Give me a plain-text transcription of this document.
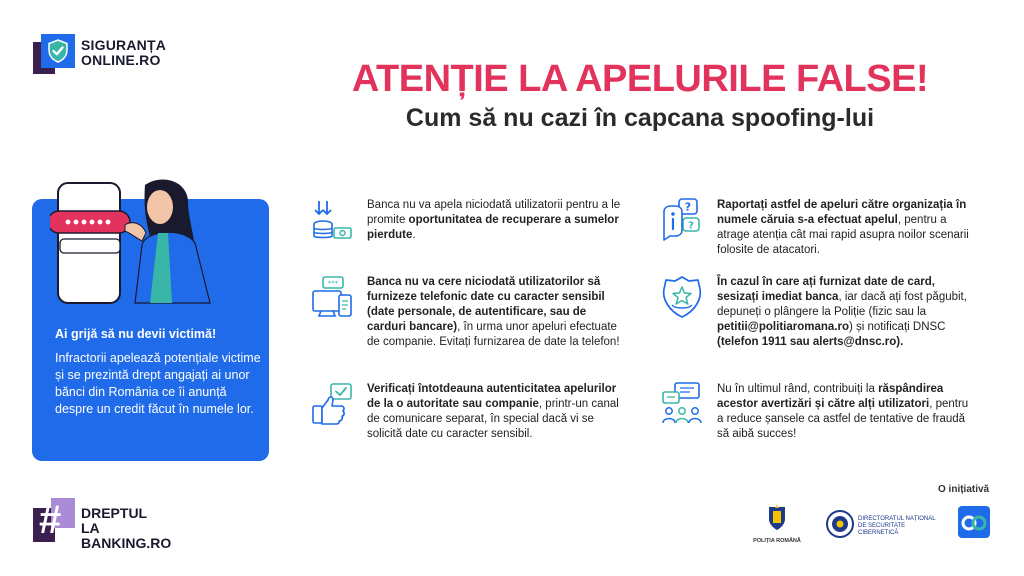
SIGURANȚA
ONLINE.RO	ATENȚIE LA APELURILE FALSE!
Cum să nu cazi în capcana spoofing-lui
Ai grijă să nu devii victimă!
Infractorii apelează potențiale victime și se prezintă drept angajați ai unor bănci din România ce îi anunță despre un credit făcut în numele lor.
Banca nu va apela niciodată utilizatorii pentru a le promite oportunitatea de recuperare a sumelor pierdute.
***	Banca nu va cere niciodată utilizatorilor să furnizeze telefonic date cu caracter sensibil (date personale, de autentificare, sau de carduri bancare), în urma unor apeluri efectuate de companie. Evitați furnizarea de date la telefon!
Verificați întotdeauna autenticitatea apelurilor de la o autoritate sau companie, printr-un canal de comunicare separat, în special dacă vi se solicită date cu caracter sensibil.
?
?
Raportați astfel de apeluri către organizația în numele căruia s-a efectuat apelul, pentru a atrage atenția cât mai rapid asupra noilor scenarii folosite de atacatori.
În cazul în care ați furnizat date de card, sesizați imediat banca, iar dacă ați fost păgubit, depuneți o plângere la Poliție (fizic sau la petitii@politiaromana.ro) și notificați DNSC (telefon 1911 sau alerts@dnsc.ro).
Nu în ultimul rând, contribuiți la răspândirea acestor avertizări și către alți utilizatori, pentru a reduce șansele ca astfel de tentative de fraudă să aibă succes!
# DREPTUL
LA BANKING.RO
O inițiativă
POLIȚIA ROMÂNĂ
DIRECTORATUL NAȚIONAL
DE SECURITATE CIBERNETICĂ
